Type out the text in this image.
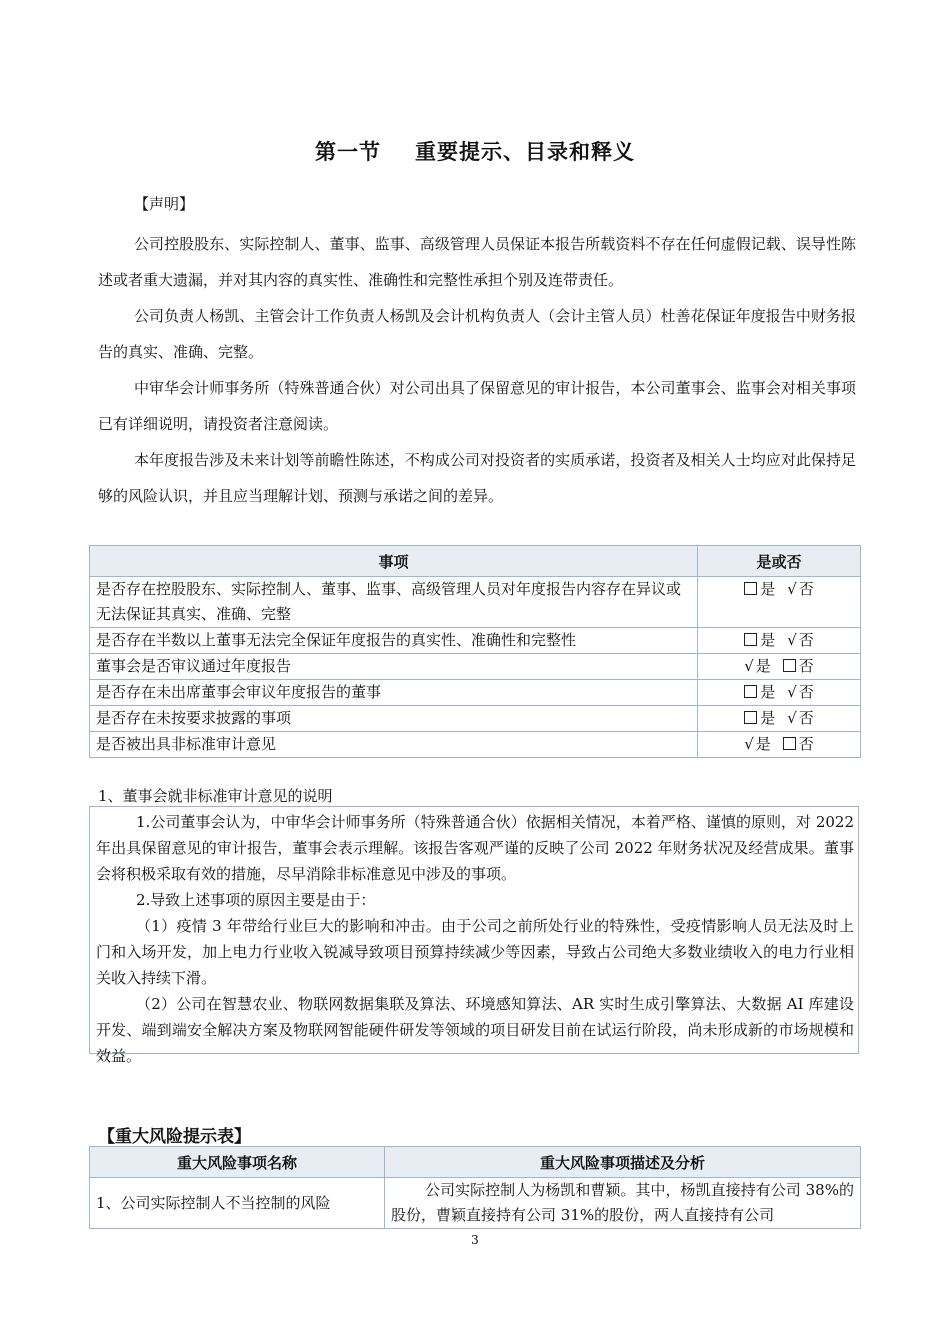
第一节 重要提示、目录和释义
【声明】

公司控股股东、实际控制人、董事、监事、高级管理人员保证本报告所载资料不存在任何虚假记载、误导性陈述或者重大遗漏，并对其内容的真实性、准确性和完整性承担个别及连带责任。

公司负责人杨凯、主管会计工作负责人杨凯及会计机构负责人（会计主管人员）杜善花保证年度报告中财务报告的真实、准确、完整。

中审华会计师事务所（特殊普通合伙）对公司出具了保留意见的审计报告，本公司董事会、监事会对相关事项已有详细说明，请投资者注意阅读。

本年度报告涉及未来计划等前瞻性陈述，不构成公司对投资者的实质承诺，投资者及相关人士均应对此保持足够的风险认识，并且应当理解计划、预测与承诺之间的差异。

事项	是或否
是否存在控股股东、实际控制人、董事、监事、高级管理人员对年度报告内容存在异议或无法保证其真实、准确、完整	是 √ 否
是否存在半数以上董事无法完全保证年度报告的真实性、准确性和完整性	是 √ 否
董事会是否审议通过年度报告	√ 是 否
是否存在未出席董事会审议年度报告的董事	是 √ 否
是否存在未按要求披露的事项	是 √ 否
是否被出具非标准审计意见	√ 是 否
1、董事会就非标准审计意见的说明

1.公司董事会认为，中审华会计师事务所（特殊普通合伙）依据相关情况，本着严格、谨慎的原则，对 2022 年出具保留意见的审计报告，董事会表示理解。该报告客观严谨的反映了公司 2022 年财务状况及经营成果。董事会将积极采取有效的措施，尽早消除非标准意见中涉及的事项。

2.导致上述事项的原因主要是由于：

（1）疫情 3 年带给行业巨大的影响和冲击。由于公司之前所处行业的特殊性，受疫情影响人员无法及时上门和入场开发，加上电力行业收入锐减导致项目预算持续减少等因素，导致占公司绝大多数业绩收入的电力行业相关收入持续下滑。

（2）公司在智慧农业、物联网数据集联及算法、环境感知算法、AR 实时生成引擎算法、大数据 AI 库建设开发、端到端安全解决方案及物联网智能硬件研发等领域的项目研发目前在试运行阶段，尚未形成新的市场规模和效益。

【重大风险提示表】
重大风险事项名称	重大风险事项描述及分析
1、公司实际控制人不当控制的风险	公司实际控制人为杨凯和曹颖。其中，杨凯直接持有公司 38%的股份，曹颖直接持有公司 31%的股份，两人直接持有公司
3
